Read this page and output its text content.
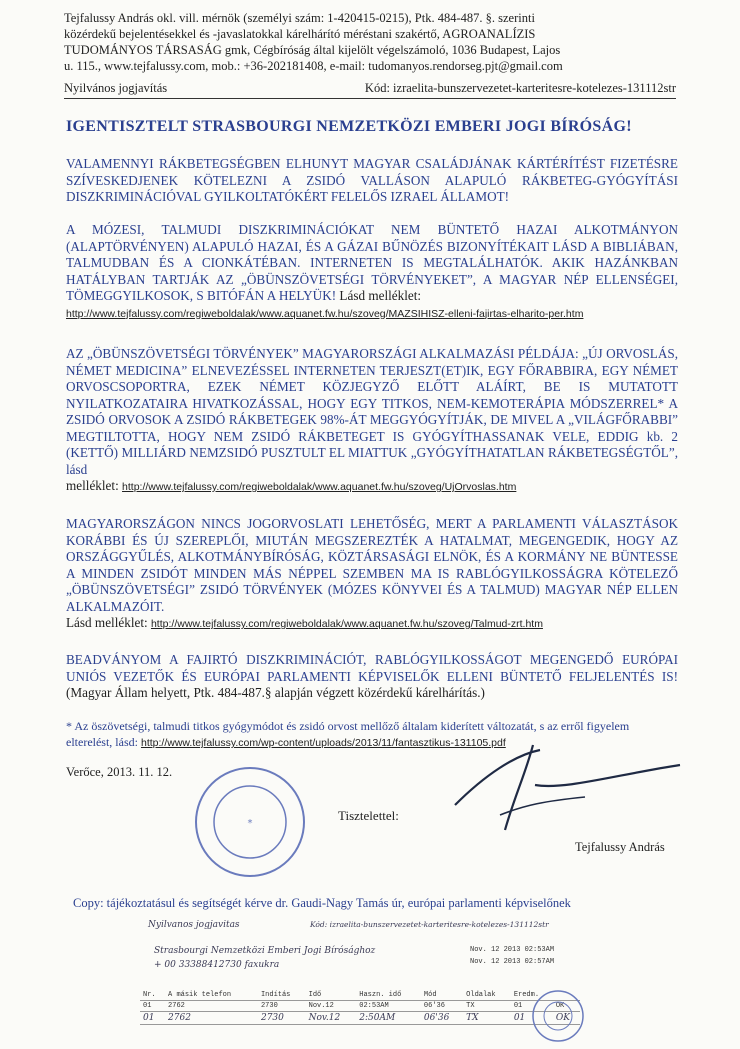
Tejfalussy András okl. vill. mérnök (személyi szám: 1-420415-0215), Ptk. 484-487. §. szerinti
közérdekű bejelentésekkel és -javaslatokkal kárelhárító méréstani szakértő, AGROANALÍZIS
TUDOMÁNYOS TÁRSASÁG gmk, Cégbíróság által kijelölt végelszámoló, 1036 Budapest, Lajos
u. 115., www.tejfalussy.com, mob.: +36-202181408, e-mail: tudomanyos.rendorseg.pjt@gmail.com
Nyilvános jogjavítás	Kód: izraelita-bunszervezetet-karteritesre-kotelezes-131112str
IGENTISZTELT STRASBOURGI NEMZETKÖZI EMBERI JOGI BÍRÓSÁG!
VALAMENNYI RÁKBETEGSÉGBEN ELHUNYT MAGYAR CSALÁDJÁNAK KÁRTÉRÍTÉST FIZETÉSRE SZÍVESKEDJENEK KÖTELEZNI A ZSIDÓ VALLÁSON ALAPULÓ RÁKBETEG-GYÓGYÍTÁSI DISZKRIMINÁCIÓVAL GYILKOLTATÓKÉRT FELELŐS IZRAEL ÁLLAMOT!
A MÓZESI, TALMUDI DISZKRIMINÁCIÓKAT NEM BÜNTETŐ HAZAI ALKOTMÁNYON (ALAPTÖRVÉNYEN) ALAPULÓ HAZAI, ÉS A GÁZAI BŰNÖZÉS BIZONYÍTÉKAIT LÁSD A BIBLIÁBAN, TALMUDBAN ÉS A CIONKÁTÉBAN. INTERNETEN IS MEGTALÁLHATÓK. AKIK HAZÁNKBAN HATÁLYBAN TARTJÁK AZ „ÖBÜNSZÖVETSÉGI TÖRVÉNYEKET”, A MAGYAR NÉP ELLENSÉGEI, TÖMEGGYILKOSOK, S BITÓFÁN A HELYÜK! Lásd melléklet:
http://www.tejfalussy.com/regiweboldalak/www.aquanet.fw.hu/szoveg/MAZSIHISZ-elleni-fajirtas-elharito-per.htm
AZ „ÖBÜNSZÖVETSÉGI TÖRVÉNYEK” MAGYARORSZÁGI ALKALMAZÁSI PÉLDÁJA: „ÚJ ORVOSLÁS, NÉMET MEDICINA” ELNEVEZÉSSEL INTERNETEN TERJESZT(ET)IK, EGY FŐRABBIRA, EGY NÉMET ORVOSCSOPORTRA, EZEK NÉMET KÖZJEGYZŐ ELŐTT ALÁÍRT, BE IS MUTATOTT NYILATKOZATAIRA HIVATKOZÁSSAL, HOGY EGY TITKOS, NEM-KEMOTERÁPIA MÓDSZERREL* A ZSIDÓ ORVOSOK A ZSIDÓ RÁKBETEGEK 98%-ÁT MEGGYÓGYÍTJÁK, DE MIVEL A „VILÁGFŐRABBI” MEGTILTOTTA, HOGY NEM ZSIDÓ RÁKBETEGET IS GYÓGYÍTHASSANAK VELE, EDDIG kb. 2 (KETTŐ) MILLIÁRD NEMZSIDÓ PUSZTULT EL MIATTUK „GYÓGYÍTHATATLAN RÁKBETEGSÉGTŐL”, lásd
melléklet: http://www.tejfalussy.com/regiweboldalak/www.aquanet.fw.hu/szoveg/UjOrvoslas.htm
MAGYARORSZÁGON NINCS JOGORVOSLATI LEHETŐSÉG, MERT A PARLAMENTI VÁLASZTÁSOK KORÁBBI ÉS ÚJ SZEREPLŐI, MIUTÁN MEGSZEREZTÉK A HATALMAT, MEGENGEDIK, HOGY AZ ORSZÁGGYŰLÉS, ALKOTMÁNYBÍRÓSÁG, KÖZTÁRSASÁGI ELNÖK, ÉS A KORMÁNY NE BÜNTESSE A MINDEN ZSIDÓT MINDEN MÁS NÉPPEL SZEMBEN MA IS RABLÓGYILKOSSÁGRA KÖTELEZŐ „ÖBÜNSZÖVETSÉGI” ZSIDÓ TÖRVÉNYEK (MÓZES KÖNYVEI ÉS A TALMUD) MAGYAR NÉP ELLEN ALKALMAZÓIT.
Lásd melléklet: http://www.tejfalussy.com/regiweboldalak/www.aquanet.fw.hu/szoveg/Talmud-zrt.htm
BEADVÁNYOM A FAJIRTÓ DISZKRIMINÁCIÓT, RABLÓGYILKOSSÁGOT MEGENGEDŐ EURÓPAI UNIÓS VEZETŐK ÉS EURÓPAI PARLAMENTI KÉPVISELŐK ELLENI BÜNTETŐ FELJELENTÉS IS! (Magyar Állam helyett, Ptk. 484-487.§ alapján végzett közérdekű kárelhárítás.)
* Az öszövetségi, talmudi titkos gyógymódot és zsidó orvost mellőző általam kiderített változatát, s az erről figyelem elterelést, lásd: http://www.tejfalussy.com/wp-content/uploads/2013/11/fantasztikus-131105.pdf
Verőce, 2013. 11. 12.
*
Tisztelettel:
Tejfalussy András
Copy: tájékoztatásul és segítségét kérve dr. Gaudi-Nagy Tamás úr, európai parlamenti képviselőnek
Nyilvanos jogjavitas	Kód: izraelita-bunszervezetet-karteritesre-kotelezes-131112str
Strasbourgi Nemzetközi Emberi Jogi Bírósághoz
+ 00 33388412730 faxukra
Nov. 12 2013 02:53AM
Nov. 12 2013 02:57AM
Nr.	A másik telefon	Indítás	Idő	Haszn. idő	Mód	Oldalak	Eredm.	
01	2762	2730	Nov.12	02:53AM	06'36	TX	01	OK
01	2762	2730	Nov.12	2:50AM	06'36	TX	01	OK
